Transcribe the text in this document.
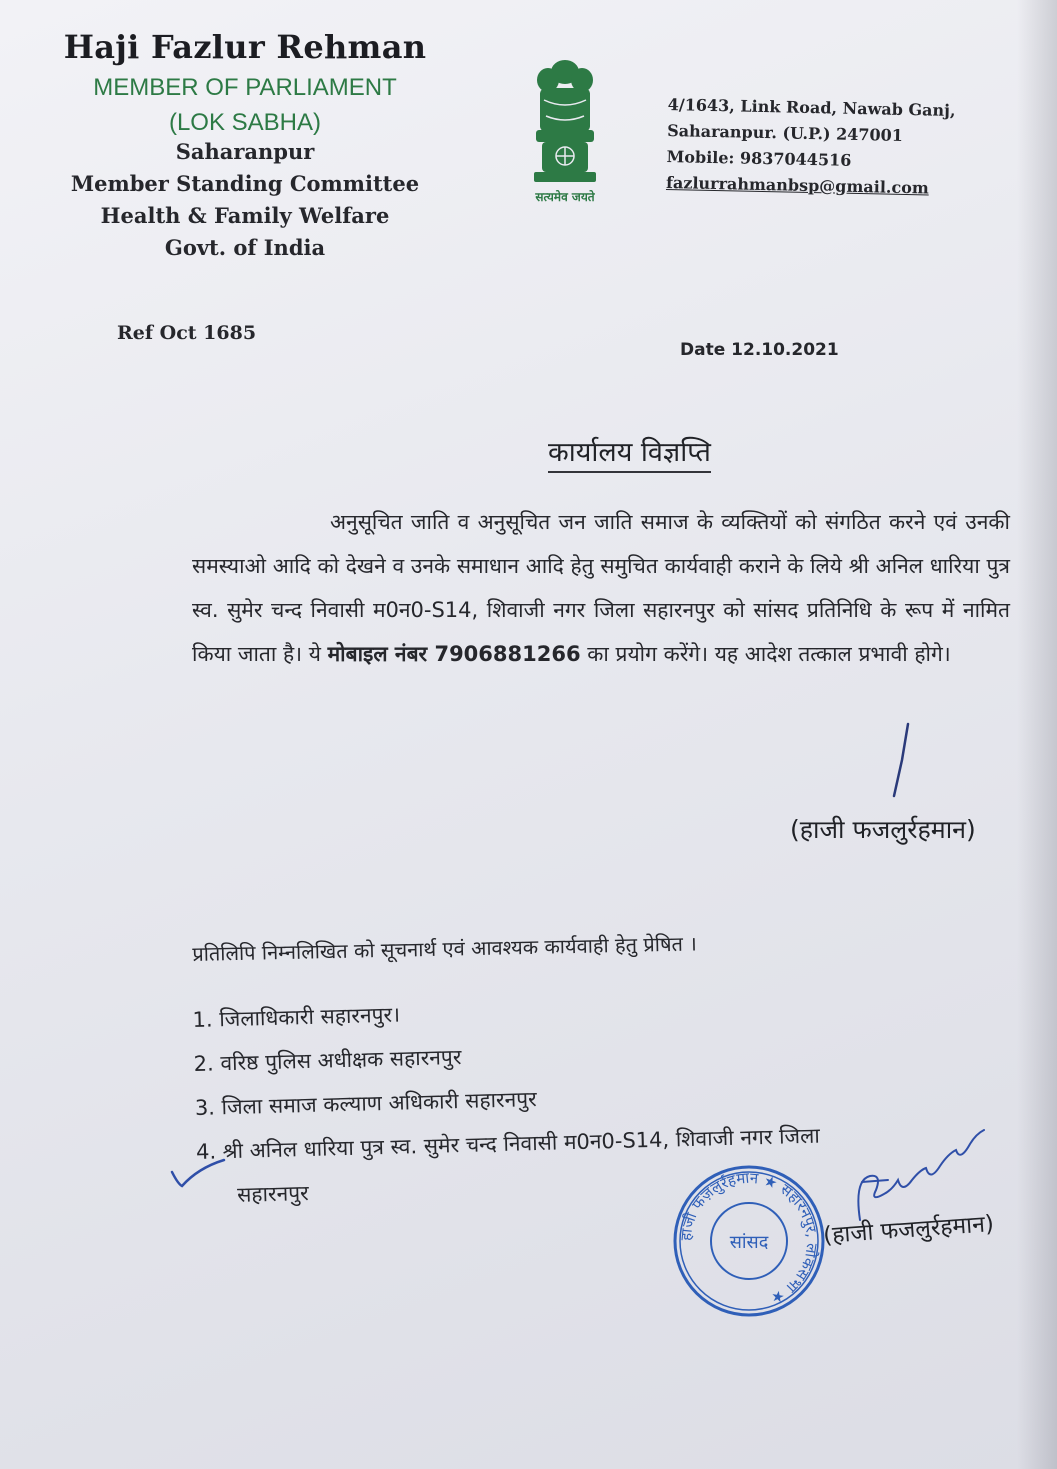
Haji Fazlur Rehman
MEMBER OF PARLIAMENT
(LOK SABHA)
Saharanpur
Member Standing Committee
Health & Family Welfare
Govt. of India
सत्यमेव जयते
4/1643, Link Road, Nawab Ganj,
Saharanpur. (U.P.) 247001
Mobile: 9837044516
fazlurrahmanbsp@gmail.com
Ref Oct 1685
Date 12.10.2021
कार्यालय विज्ञप्ति
अनुसूचित जाति व अनुसूचित जन जाति समाज के व्यक्तियों को संगठित करने एवं उनकी समस्याओ आदि को देखने व उनके समाधान आदि हेतु समुचित कार्यवाही कराने के लिये श्री अनिल धारिया पुत्र स्व. सुमेर चन्द निवासी म0न0-S14, शिवाजी नगर जिला सहारनपुर को सांसद प्रतिनिधि के रूप में नामित किया जाता है। ये मोबाइल नंबर 7906881266 का प्रयोग करेंगे। यह आदेश तत्काल प्रभावी होगे।
(हाजी फजलुर्रहमान)
प्रतिलिपि निम्नलिखित को सूचनार्थ एवं आवश्यक कार्यवाही हेतु प्रेषित ।
1. जिलाधिकारी सहारनपुर।
2. वरिष्ठ पुलिस अधीक्षक सहारनपुर
3. जिला समाज कल्याण अधिकारी सहारनपुर
4. श्री अनिल धारिया पुत्र स्व. सुमेर चन्द निवासी म0न0-S14, शिवाजी नगर जिला
सहारनपुर
हाजी फज़लुर्रहमान ★ सहारनपुर, लोकसभा ★
सांसद (हाजी फजलुर्रहमान)
